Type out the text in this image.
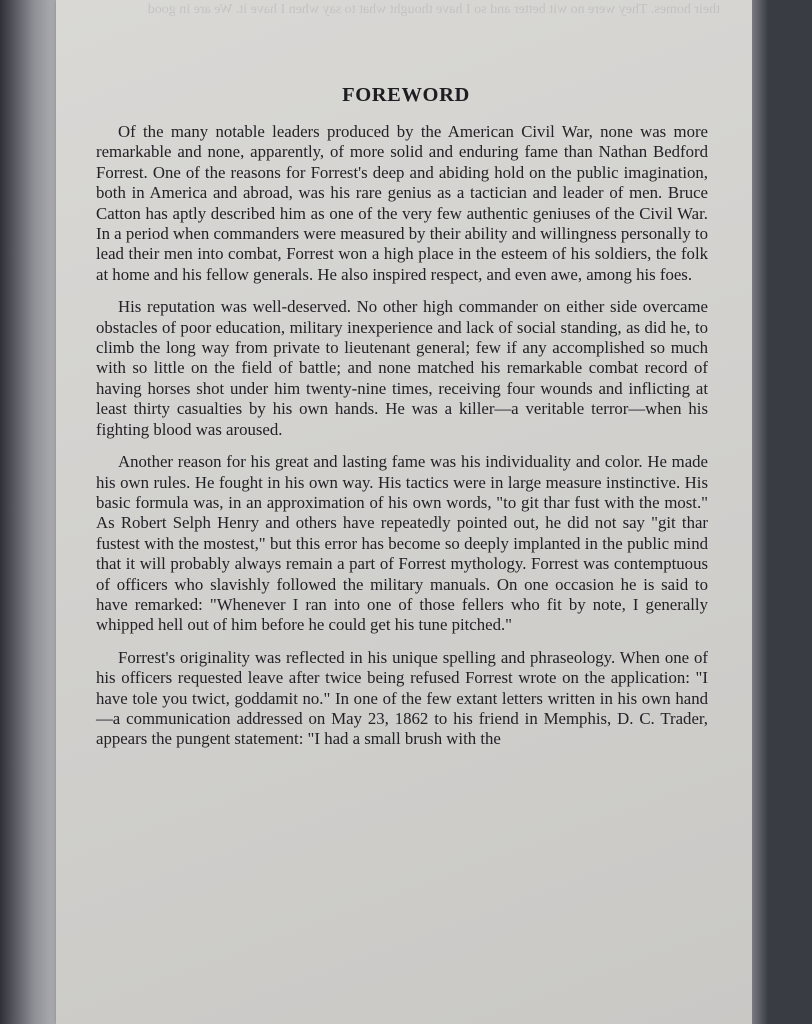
their homes. They were no wit better and so I have thought what to say when I have it. We are in good
FOREWORD

Of the many notable leaders produced by the American Civil War, none was more remarkable and none, apparently, of more solid and enduring fame than Nathan Bedford Forrest. One of the reasons for Forrest's deep and abiding hold on the public imagination, both in America and abroad, was his rare genius as a tactician and leader of men. Bruce Catton has aptly described him as one of the very few authentic geniuses of the Civil War. In a period when commanders were measured by their ability and willingness personally to lead their men into combat, Forrest won a high place in the esteem of his soldiers, the folk at home and his fellow generals. He also inspired respect, and even awe, among his foes.

His reputation was well-deserved. No other high commander on either side overcame obstacles of poor education, military inexperience and lack of social standing, as did he, to climb the long way from private to lieutenant general; few if any accomplished so much with so little on the field of battle; and none matched his remarkable combat record of having horses shot under him twenty-nine times, receiving four wounds and inflicting at least thirty casualties by his own hands. He was a killer—a veritable terror—when his fighting blood was aroused.

Another reason for his great and lasting fame was his individuality and color. He made his own rules. He fought in his own way. His tactics were in large measure instinctive. His basic formula was, in an approximation of his own words, "to git thar fust with the most." As Robert Selph Henry and others have repeatedly pointed out, he did not say "git thar fustest with the mostest," but this error has become so deeply implanted in the public mind that it will probably always remain a part of Forrest mythology. Forrest was contemptuous of officers who slavishly followed the military manuals. On one occasion he is said to have remarked: "Whenever I ran into one of those fellers who fit by note, I generally whipped hell out of him before he could get his tune pitched."

Forrest's originality was reflected in his unique spelling and phraseology. When one of his officers requested leave after twice being refused Forrest wrote on the application: "I have tole you twict, goddamit no." In one of the few extant letters written in his own hand—a communication addressed on May 23, 1862 to his friend in Memphis, D. C. Trader, appears the pungent statement: "I had a small brush with the
